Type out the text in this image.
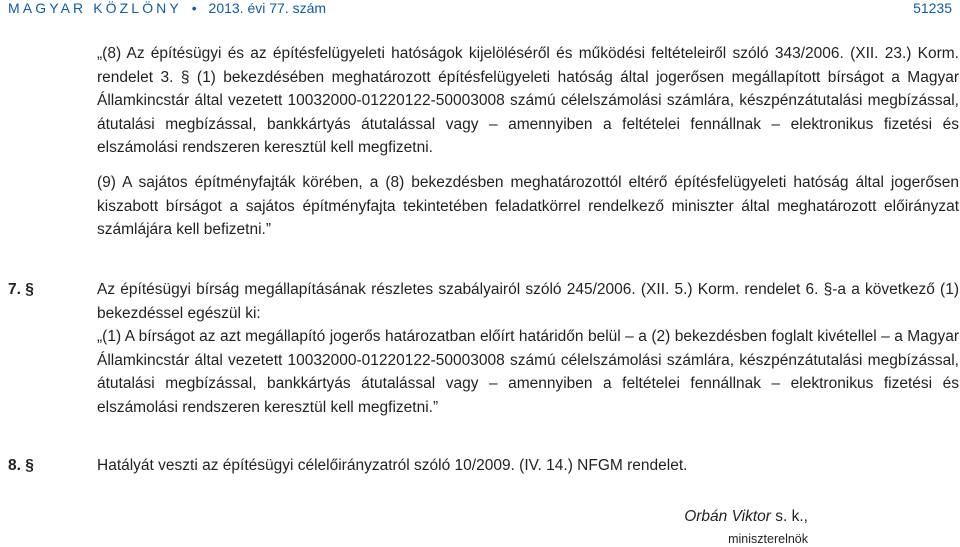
MAGYAR KÖZLÖNY • 2013. évi 77. szám	51235

„(8) Az építésügyi és az építésfelügyeleti hatóságok kijelöléséről és működési feltételeiről szóló 343/2006. (XII. 23.) Korm. rendelet 3. § (1) bekezdésében meghatározott építésfelügyeleti hatóság által jogerősen megállapított bírságot a Magyar Államkincstár által vezetett 10032000-01220122-50003008 számú célelszámolási számlára, készpénzátutalási megbízással, átutalási megbízással, bankkártyás átutalással vagy – amennyiben a feltételei fennállnak – elektronikus fizetési és elszámolási rendszeren keresztül kell megfizetni.

(9) A sajátos építményfajták körében, a (8) bekezdésben meghatározottól eltérő építésfelügyeleti hatóság által jogerősen kiszabott bírságot a sajátos építményfajta tekintetében feladatkörrel rendelkező miniszter által meghatározott előirányzat számlájára kell befizetni.”

7. §	Az építésügyi bírság megállapításának részletes szabályairól szóló 245/2006. (XII. 5.) Korm. rendelet 6. §-a a következő (1) bekezdéssel egészül ki:

„(1) A bírságot az azt megállapító jogerős határozatban előírt határidőn belül – a (2) bekezdésben foglalt kivétellel – a Magyar Államkincstár által vezetett 10032000-01220122-50003008 számú célelszámolási számlára, készpénzátutalási megbízással, átutalási megbízással, bankkártyás átutalással vagy – amennyiben a feltételei fennállnak – elektronikus fizetési és elszámolási rendszeren keresztül kell megfizetni.”

8. §	Hatályát veszti az építésügyi célelőirányzatról szóló 10/2009. (IV. 14.) NFGM rendelet.

Orbán Viktor s. k.,
miniszterelnök
